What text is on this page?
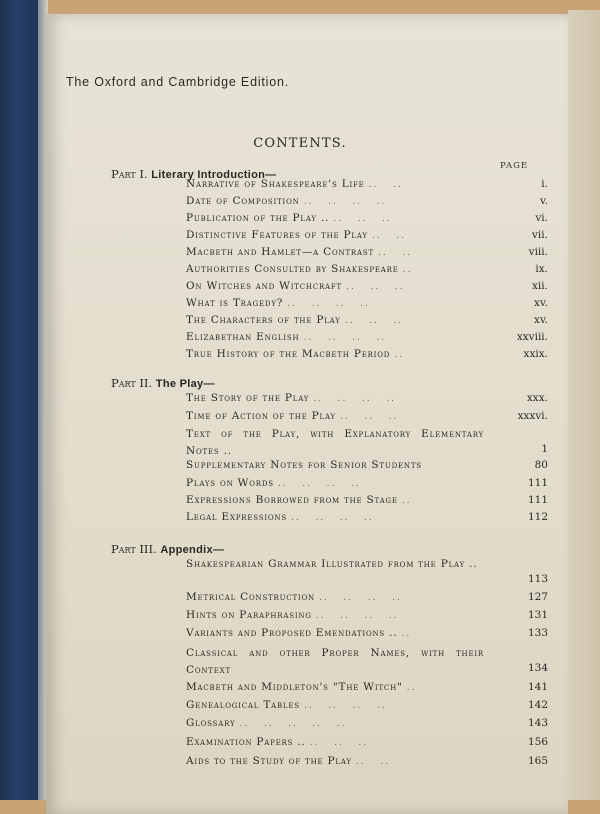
The Oxford and Cambridge Edition.
CONTENTS.
PAGE
Part I. Literary Introduction—
Narrative of Shakespeare's Life ..   ..	i.
Date of Composition ..   ..   ..   ..	v.
Publication of the Play .. ..   ..   ..	vi.
Distinctive Features of the Play ..   ..	vii.
Macbeth and Hamlet—a Contrast ..   ..	viii.
Authorities Consulted by Shakespeare ..	ix.
On Witches and Witchcraft ..   ..   ..	xii.
What is Tragedy? ..   ..   ..   ..	xv.
The Characters of the Play ..   ..   ..	xv.
Elizabethan English ..   ..   ..   ..	xxviii.
True History of the Macbeth Period ..	xxix.
Part II. The Play—
The Story of the Play ..   ..   ..   ..	xxx.
Time of Action of the Play ..   ..   ..	xxxvi.
Text of the Play, with Explanatory Elementary Notes ..	1
Supplementary Notes for Senior Students	80
Plays on Words ..   ..   ..   ..	111
Expressions Borrowed from the Stage ..	111
Legal Expressions ..   ..   ..   ..	112
Part III. Appendix—
Shakespearian Grammar Illustrated from the Play ..
113
Metrical Construction ..   ..   ..   ..	127
Hints on Paraphrasing ..   ..   ..   ..	131
Variants and Proposed Emendations .. ..	133
Classical and other Proper Names, with their Context	134
Macbeth and Middleton's "The Witch" ..	141
Genealogical Tables ..   ..   ..   ..	142
Glossary ..   ..   ..   ..   ..	143
Examination Papers .. ..   ..   ..	156
Aids to the Study of the Play ..   ..	165
